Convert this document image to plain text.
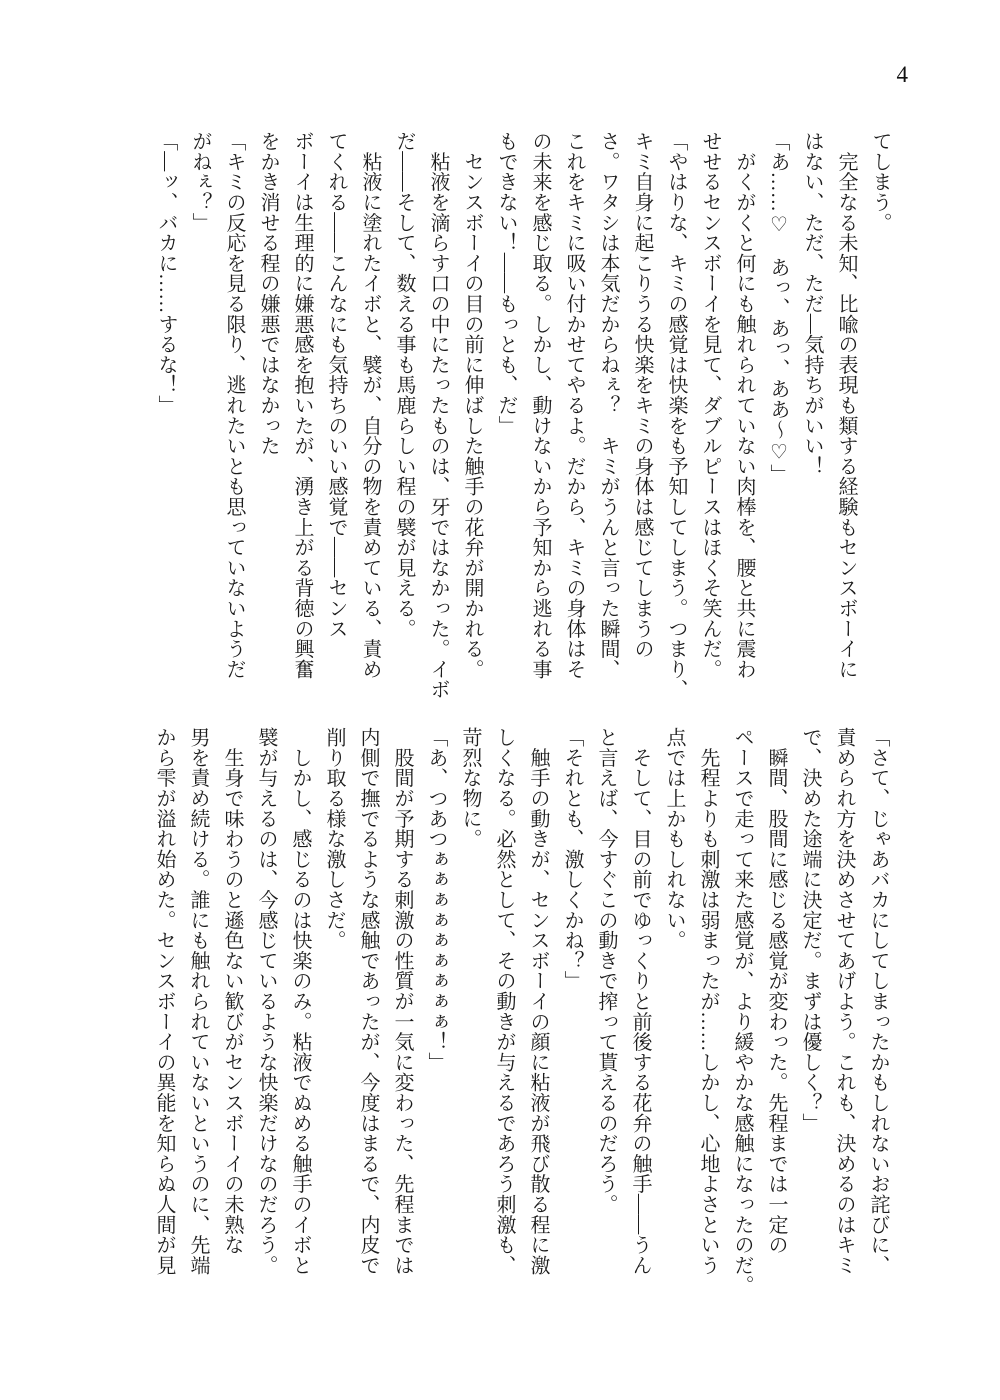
4

てしまう。

　完全なる未知、比喩の表現も類する経験もセンスボーイに

はない、ただ、ただ―気持ちがいい！

「あ……♡　あっ、あっ、ああ～♡」

　がくがくと何にも触れられていない肉棒を、腰と共に震わ

せせるセンスボーイを見て、ダブルピースはほくそ笑んだ。

「やはりな、キミの感覚は快楽をも予知してしまう。つまり、

キミ自身に起こりうる快楽をキミの身体は感じてしまうの

さ。ワタシは本気だからねぇ？　キミがうんと言った瞬間、

これをキミに吸い付かせてやるよ。だから、キミの身体はそ

の未来を感じ取る。しかし、動けないから予知から逃れる事

もできない！――もっとも、だ」

　センスボーイの目の前に伸ばした触手の花弁が開かれる。

　粘液を滴らす口の中にたったものは、牙ではなかった。イボ

だ――そして、数える事も馬鹿らしい程の襞が見える。

　粘液に塗れたイボと、襞が、自分の物を責めている、責め

てくれる――こんなにも気持ちのいい感覚で――センス

ボーイは生理的に嫌悪感を抱いたが、湧き上がる背徳の興奮

をかき消せる程の嫌悪ではなかった

「キミの反応を見る限り、逃れたいとも思っていないようだ

がねぇ？」

「―ッ、バカに……するな！」

「さて、じゃあバカにしてしまったかもしれないお詫びに、

責められ方を決めさせてあげよう。これも、決めるのはキミ

で、決めた途端に決定だ。まずは優しく？」

　瞬間、股間に感じる感覚が変わった。先程までは一定の

ペースで走って来た感覚が、より緩やかな感触になったのだ。

　先程よりも刺激は弱まったが……しかし、心地よさという

点では上かもしれない。

　そして、目の前でゆっくりと前後する花弁の触手――うん

と言えば、今すぐこの動きで搾って貰えるのだろう。

「それとも、激しくかね？」

　触手の動きが、センスボーイの顔に粘液が飛び散る程に激

しくなる。必然として、その動きが与えるであろう刺激も、

苛烈な物に。

「あ、つあつぁぁぁぁぁぁぁぁぁ！」

　股間が予期する刺激の性質が一気に変わった、先程までは

内側で撫でるような感触であったが、今度はまるで、内皮で

削り取る様な激しさだ。

　しかし、感じるのは快楽のみ。粘液でぬめる触手のイボと

襞が与えるのは、今感じているような快楽だけなのだろう。

　生身で味わうのと遜色ない歓びがセンスボーイの未熟な

男を責め続ける。誰にも触れられていないというのに、先端

から雫が溢れ始めた。センスボーイの異能を知らぬ人間が見
